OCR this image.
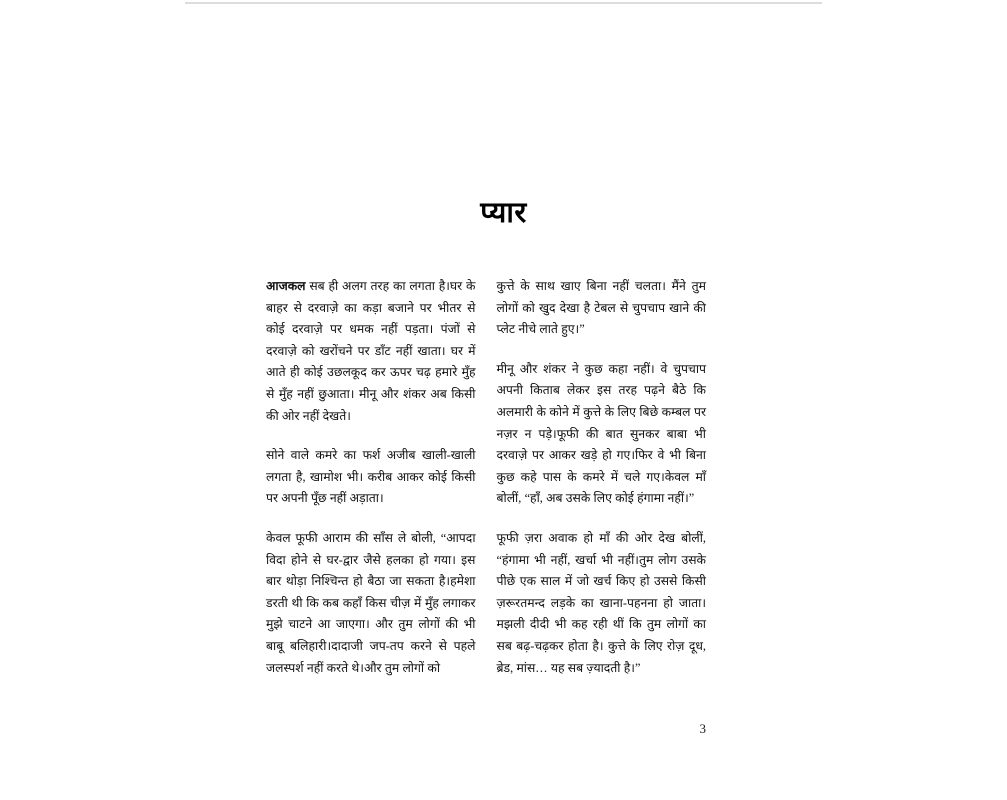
प्यार

आजकल सब ही अलग तरह का लगता है।घर के बाहर से दरवाज़े का कड़ा बजाने पर भीतर से कोई दरवाज़े पर धमक नहीं पड़ता। पंजों से दरवाज़े को खरोंचने पर डाँट नहीं खाता। घर में आते ही कोई उछलकूद कर ऊपर चढ़ हमारे मुँह से मुँह नहीं छुआता। मीनू और शंकर अब किसी की ओर नहीं देखते।

सोने वाले कमरे का फर्श अजीब खाली-खाली लगता है, खामोश भी। करीब आकर कोई किसी पर अपनी पूँछ नहीं अड़ाता।

केवल फूफी आराम की साँस ले बोली, “आपदा विदा होने से घर-द्वार जैसे हलका हो गया। इस बार थोड़ा निश्चिन्त हो बैठा जा सकता है।हमेशा डरती थी कि कब कहाँ किस चीज़ में मुँह लगाकर मुझे चाटने आ जाएगा। और तुम लोगों की भी बाबू बलिहारी।दादाजी जप-तप करने से पहले जलस्पर्श नहीं करते थे।और तुम लोगों को

कुत्ते के साथ खाए बिना नहीं चलता। मैंने तुम लोगों को खुद देखा है टेबल से चुपचाप खाने की प्लेट नीचे लाते हुए।”

मीनू और शंकर ने कुछ कहा नहीं। वे चुपचाप अपनी किताब लेकर इस तरह पढ़ने बैठे कि अलमारी के कोने में कुत्ते के लिए बिछे कम्बल पर नज़र न पड़े।फूफी की बात सुनकर बाबा भी दरवाज़े पर आकर खड़े हो गए।फिर वे भी बिना कुछ कहे पास के कमरे में चले गए।केवल माँ बोलीं, “हाँ, अब उसके लिए कोई हंगामा नहीं।”

फूफी ज़रा अवाक हो माँ की ओर देख बोलीं, “हंगामा भी नहीं, खर्चा भी नहीं।तुम लोग उसके पीछे एक साल में जो खर्च किए हो उससे किसी ज़रूरतमन्द लड़के का खाना-पहनना हो जाता। मझली दीदी भी कह रही थीं कि तुम लोगों का सब बढ़-चढ़कर होता है। कुत्ते के लिए रोज़ दूध, ब्रेड, मांस… यह सब ज़्यादती है।”

3
